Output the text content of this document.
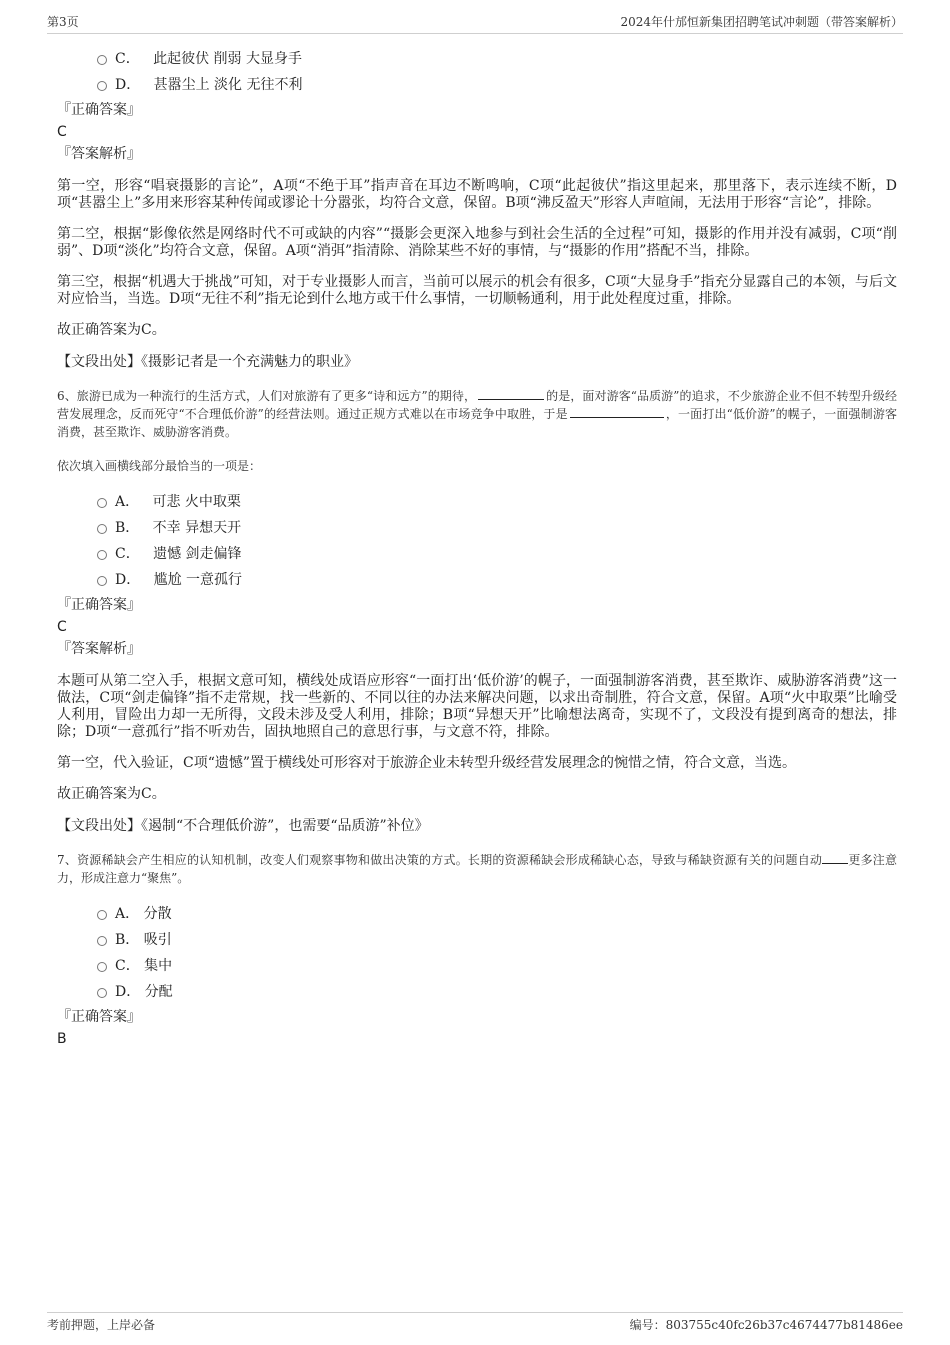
第3页	2024年什邡恒新集团招聘笔试冲刺题（带答案解析）
C． 此起彼伏 削弱 大显身手
D． 甚嚣尘上 淡化 无往不利
『正确答案』
C
『答案解析』

第一空，形容“唱衰摄影的言论”，A项“不绝于耳”指声音在耳边不断鸣响，C项“此起彼伏”指这里起来，那里落下，表示连续不断，D项“甚嚣尘上”多用来形容某种传闻或谬论十分嚣张，均符合文意，保留。B项“沸反盈天”形容人声喧闹，无法用于形容“言论”，排除。

第二空，根据“影像依然是网络时代不可或缺的内容”“摄影会更深入地参与到社会生活的全过程”可知，摄影的作用并没有减弱，C项“削弱”、D项“淡化”均符合文意，保留。A项“消弭”指清除、消除某些不好的事情，与“摄影的作用”搭配不当，排除。

第三空，根据“机遇大于挑战”可知，对于专业摄影人而言，当前可以展示的机会有很多，C项“大显身手”指充分显露自己的本领，与后文对应恰当，当选。D项“无往不利”指无论到什么地方或干什么事情，一切顺畅通利，用于此处程度过重，排除。

故正确答案为C。

【文段出处】《摄影记者是一个充满魅力的职业》

6、旅游已成为一种流行的生活方式，人们对旅游有了更多“诗和远方”的期待，	的是，面对游客“品质游”的追求，不少旅游企业不但不转型升级经营发展理念，反而死守“不合理低价游”的经营法则。通过正规方式难以在市场竞争中取胜，于是	，一面打出“低价游”的幌子，一面强制游客消费，甚至欺诈、威胁游客消费。

依次填入画横线部分最恰当的一项是：

A． 可悲 火中取栗
B． 不幸 异想天开
C． 遗憾 剑走偏锋
D． 尴尬 一意孤行
『正确答案』
C
『答案解析』

本题可从第二空入手，根据文意可知，横线处成语应形容“一面打出‘低价游’的幌子，一面强制游客消费，甚至欺诈、威胁游客消费”这一做法，C项“剑走偏锋”指不走常规，找一些新的、不同以往的办法来解决问题，以求出奇制胜，符合文意，保留。A项“火中取栗”比喻受人利用，冒险出力却一无所得，文段未涉及受人利用，排除；B项“异想天开”比喻想法离奇，实现不了，文段没有提到离奇的想法，排除；D项“一意孤行”指不听劝告，固执地照自己的意思行事，与文意不符，排除。

第一空，代入验证，C项“遗憾”置于横线处可形容对于旅游企业未转型升级经营发展理念的惋惜之情，符合文意，当选。

故正确答案为C。

【文段出处】《遏制“不合理低价游”，也需要“品质游”补位》

7、资源稀缺会产生相应的认知机制，改变人们观察事物和做出决策的方式。长期的资源稀缺会形成稀缺心态，导致与稀缺资源有关的问题自动 更多注意力，形成注意力“聚焦”。

A． 分散
B． 吸引
C． 集中
D． 分配
『正确答案』
B
考前押题，上岸必备	编号：803755c40fc26b37c4674477b81486ee
